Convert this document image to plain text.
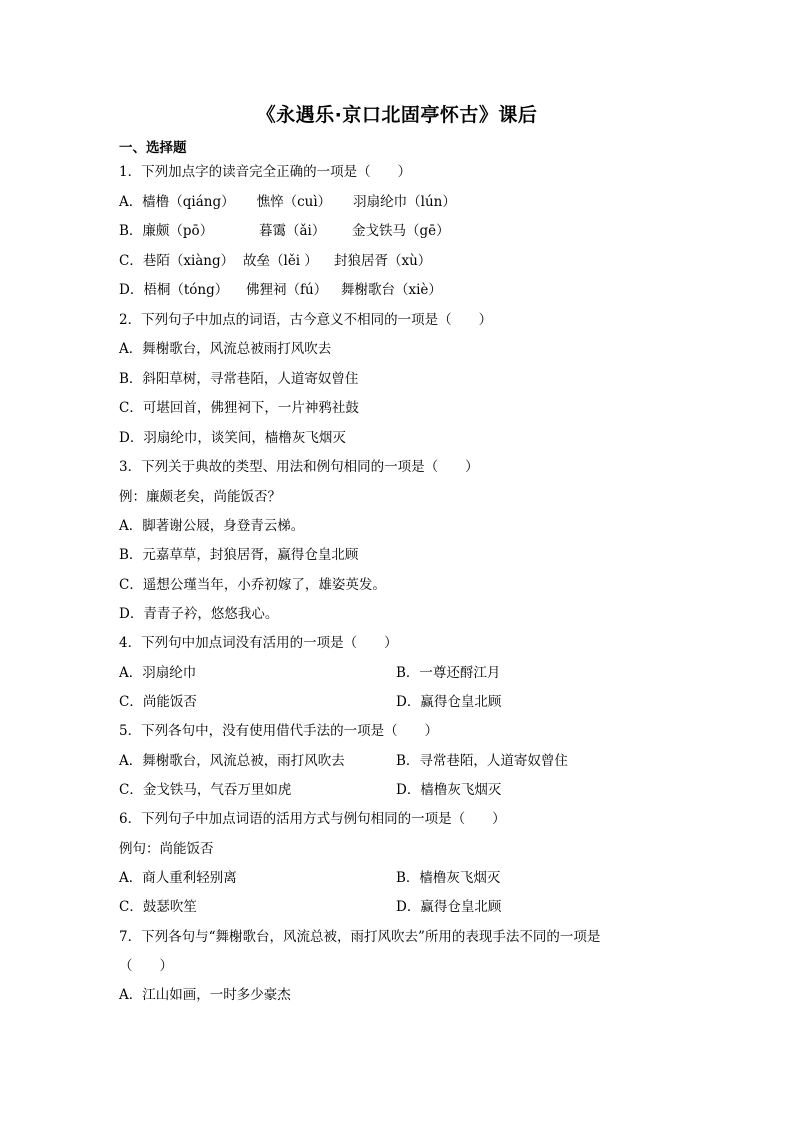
《永遇乐·京口北固亭怀古》课后
一、选择题
1．下列加点字的读音完全正确的一项是（　　）
A．樯橹（qiáng） 憔悴（cuì） 羽扇纶巾（lún）
B．廉颇（pō）	暮霭（ǎi） 金戈铁马（gē）
C．巷陌（xiàng） 故垒（lěi ） 封狼居胥（xù）
D．梧桐（tóng） 佛狸祠（fú） 舞榭歌台（xiè）
2．下列句子中加点的词语，古今意义不相同的一项是（　　）
A．舞榭歌台，风流总被雨打风吹去
B．斜阳草树，寻常巷陌，人道寄奴曾住
C．可堪回首，佛狸祠下，一片神鸦社鼓
D．羽扇纶巾，谈笑间，樯橹灰飞烟灭
3．下列关于典故的类型、用法和例句相同的一项是（　　）
例：廉颇老矣，尚能饭否？
A．脚著谢公屐，身登青云梯。
B．元嘉草草，封狼居胥，赢得仓皇北顾
C．遥想公瑾当年，小乔初嫁了，雄姿英发。
D．青青子衿，悠悠我心。
4．下列句中加点词没有活用的一项是（　　）
A．羽扇纶巾	B．一尊还酹江月
C．尚能饭否	D．赢得仓皇北顾
5．下列各句中，没有使用借代手法的一项是（　　）
A．舞榭歌台，风流总被，雨打风吹去	B．寻常巷陌，人道寄奴曾住
C．金戈铁马，气吞万里如虎	D．樯橹灰飞烟灭
6．下列句子中加点词语的活用方式与例句相同的一项是（　　）
例句：尚能饭否
A．商人重利轻别离	B．樯橹灰飞烟灭
C．鼓瑟吹笙	D．赢得仓皇北顾
7．下列各句与“舞榭歌台，风流总被，雨打风吹去”所用的表现手法不同的一项是
（　　）
A．江山如画，一时多少豪杰
